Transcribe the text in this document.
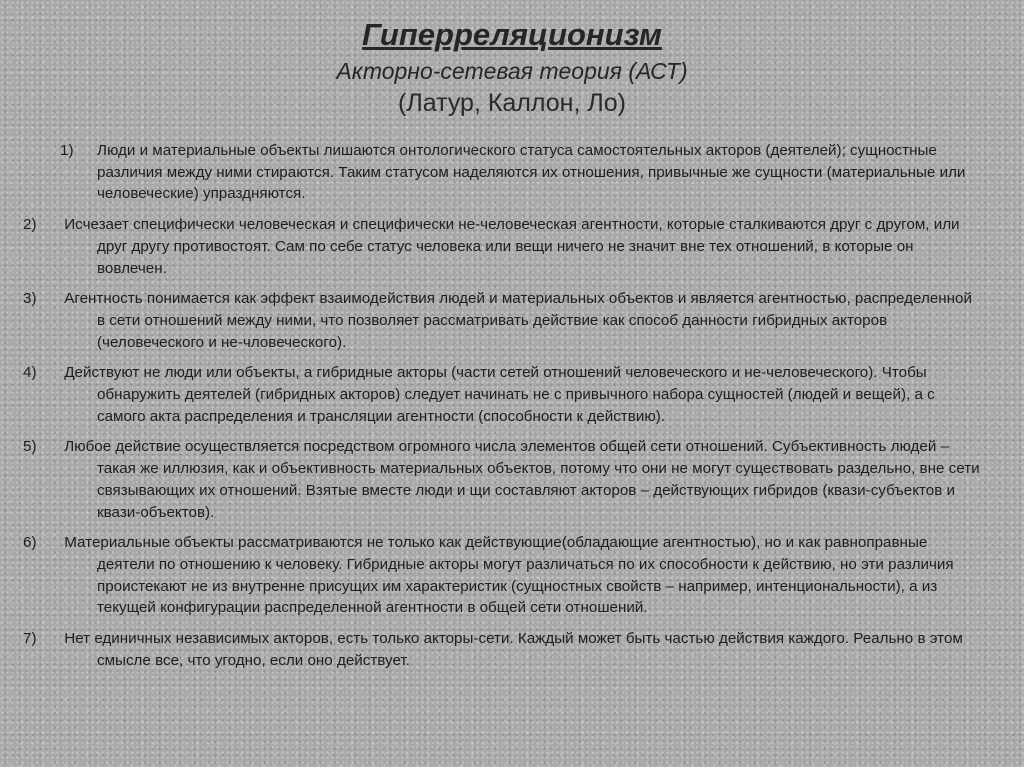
Гиперреляционизм
Акторно-сетевая теория (АСТ)
(Латур, Каллон, Ло)
1) Люди и материальные объекты лишаются онтологического статуса самостоятельных акторов (деятелей); сущностные различия между ними стираются. Таким статусом наделяются их отношения, привычные же сущности (материальные или человеческие) упраздняются.
2) Исчезает специфически человеческая и специфически не-человеческая агентности, которые сталкиваются друг с другом, или друг другу противостоят. Сам по себе статус человека или вещи ничего не значит вне тех отношений, в которые он вовлечен.
3) Агентность понимается как эффект взаимодействия людей и материальных объектов и является агентностью, распределенной в сети отношений между ними, что позволяет рассматривать действие как способ данности гибридных акторов (человеческого и не-чловеческого).
4) Действуют не люди или объекты, а гибридные акторы (части сетей отношений человеческого и не-человеческого). Чтобы обнаружить деятелей (гибридных акторов) следует начинать не с привычного набора сущностей (людей и вещей), а с самого акта распределения и трансляции агентности (способности к действию).
5) Любое действие осуществляется посредством огромного числа элементов общей сети отношений. Субъективность людей – такая же иллюзия, как и объективность материальных объектов, потому что они не могут существовать раздельно, вне сети связывающих их отношений. Взятые вместе люди и щи составляют акторов – действующих гибридов (квази-субъектов и квази-объектов).
6) Материальные объекты рассматриваются не только как действующие(обладающие агентностью), но и как равноправные деятели по отношению к человеку. Гибридные акторы могут различаться по их способности к действию, но эти различия проистекают не из внутренне присущих им характеристик (сущностных свойств – например, интенциональности), а из текущей конфигурации распределенной агентности в общей сети отношений.
7) Нет единичных независимых акторов, есть только акторы-сети. Каждый может быть частью действия каждого. Реально в этом смысле все, что угодно, если оно действует.
